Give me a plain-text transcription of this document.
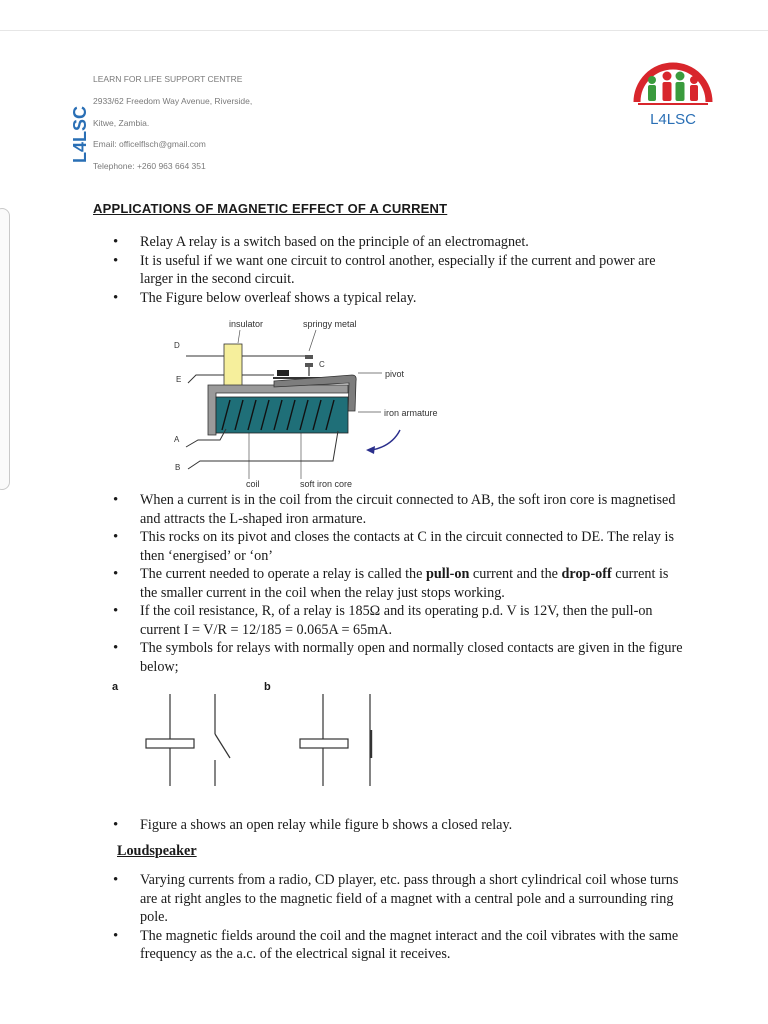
L4LSC
LEARN FOR LIFE SUPPORT CENTRE
2933/62 Freedom Way Avenue, Riverside,
Kitwe, Zambia.
Email: officelflsch@gmail.com
Telephone: +260 963 664 351
L4LSC
APPLICATIONS OF MAGNETIC EFFECT OF A CURRENT
• Relay A relay is a switch based on the principle of an electromagnet.
• It is useful if we want one circuit to control another, especially if the current and power are larger in the second circuit.
• The Figure below overleaf shows a typical relay.
insulator	springy metal
D
E
C
pivot
iron armature
A
B
coil	soft iron core
• When a current is in the coil from the circuit connected to AB, the soft iron core is magnetised and attracts the L-shaped iron armature.
• This rocks on its pivot and closes the contacts at C in the circuit connected to DE. The relay is then ‘energised’ or ‘on’
• The current needed to operate a relay is called the pull-on current and the drop-off current is the smaller current in the coil when the relay just stops working.
• If the coil resistance, R, of a relay is 185Ω and its operating p.d. V is 12V, then the pull-on current I = V/R = 12/185 = 0.065A = 65mA.
• The symbols for relays with normally open and normally closed contacts are given in the figure below;
a	b
• Figure a shows an open relay while figure b shows a closed relay.
Loudspeaker
• Varying currents from a radio, CD player, etc. pass through a short cylindrical coil whose turns are at right angles to the magnetic field of a magnet with a central pole and a surrounding ring pole.
• The magnetic fields around the coil and the magnet interact and the coil vibrates with the same frequency as the a.c. of the electrical signal it receives.
